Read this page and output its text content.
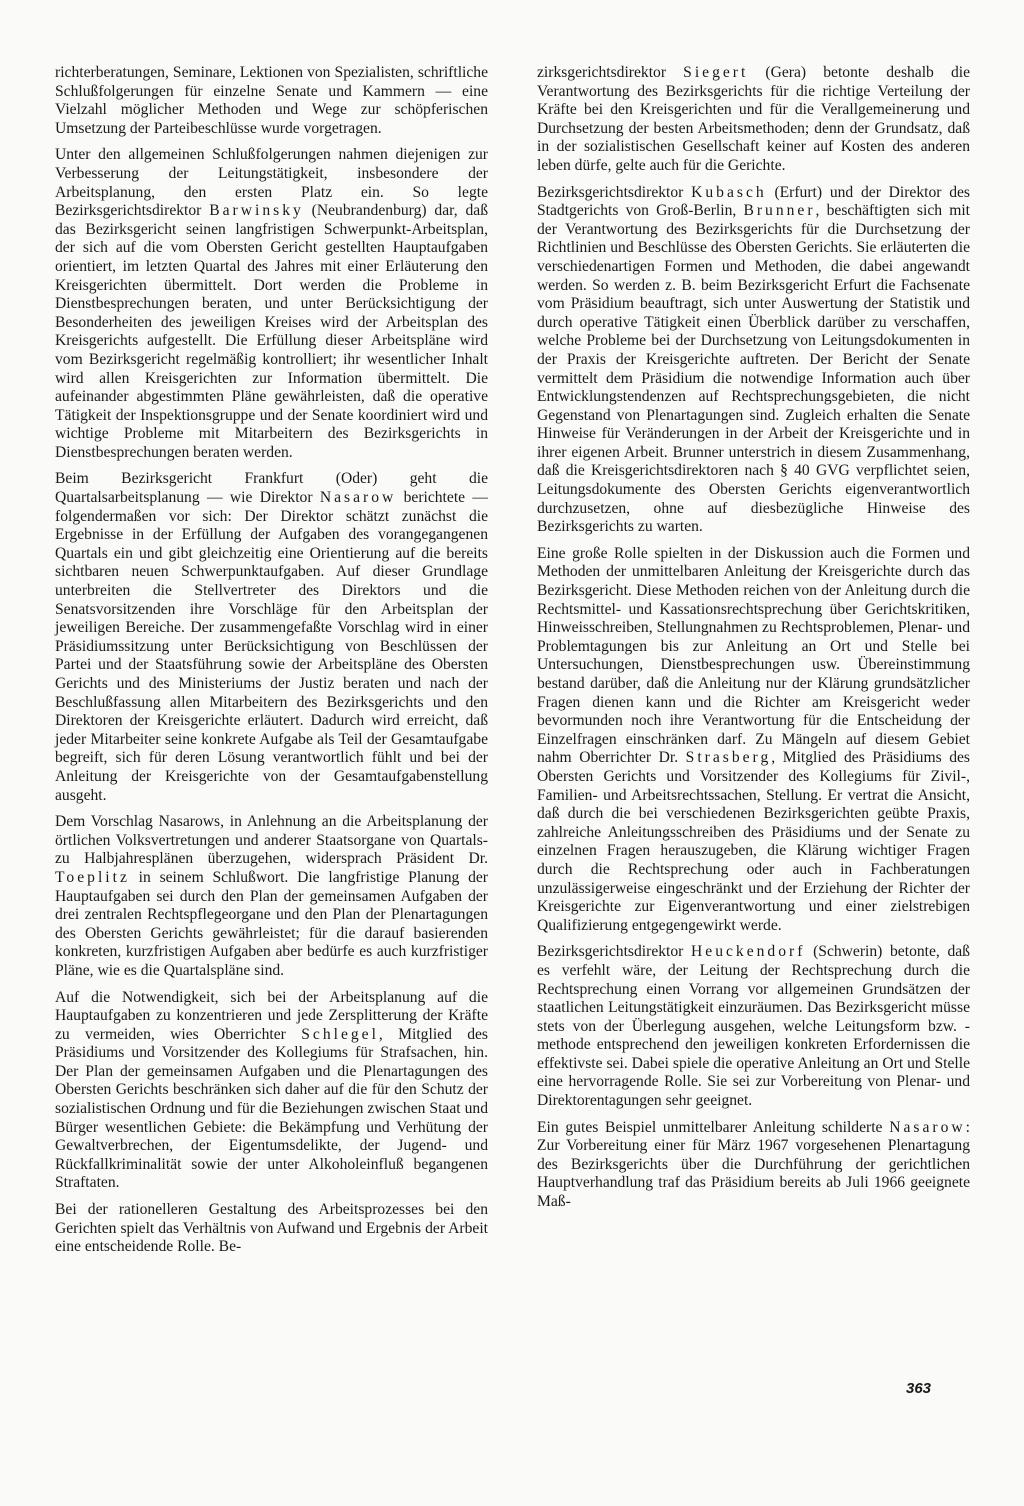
richterberatungen, Seminare, Lektionen von Spezialisten, schriftliche Schlußfolgerungen für einzelne Senate und Kammern — eine Vielzahl möglicher Methoden und Wege zur schöpferischen Umsetzung der Parteibeschlüsse wurde vorgetragen.

Unter den allgemeinen Schlußfolgerungen nahmen diejenigen zur Verbesserung der Leitungstätigkeit, insbesondere der Arbeitsplanung, den ersten Platz ein. So legte Bezirksgerichtsdirektor Barwinsky (Neubrandenburg) dar, daß das Bezirksgericht seinen langfristigen Schwerpunkt-Arbeitsplan, der sich auf die vom Obersten Gericht gestellten Hauptaufgaben orientiert, im letzten Quartal des Jahres mit einer Erläuterung den Kreisgerichten übermittelt. Dort werden die Probleme in Dienstbesprechungen beraten, und unter Berücksichtigung der Besonderheiten des jeweiligen Kreises wird der Arbeitsplan des Kreisgerichts aufgestellt. Die Erfüllung dieser Arbeitspläne wird vom Bezirksgericht regelmäßig kontrolliert; ihr wesentlicher Inhalt wird allen Kreisgerichten zur Information übermittelt. Die aufeinander abgestimmten Pläne gewährleisten, daß die operative Tätigkeit der Inspektionsgruppe und der Senate koordiniert wird und wichtige Probleme mit Mitarbeitern des Bezirksgerichts in Dienstbesprechungen beraten werden.

Beim Bezirksgericht Frankfurt (Oder) geht die Quartalsarbeitsplanung — wie Direktor Nasarow berichtete — folgendermaßen vor sich: Der Direktor schätzt zunächst die Ergebnisse in der Erfüllung der Aufgaben des vorangegangenen Quartals ein und gibt gleichzeitig eine Orientierung auf die bereits sichtbaren neuen Schwerpunktaufgaben. Auf dieser Grundlage unterbreiten die Stellvertreter des Direktors und die Senatsvorsitzenden ihre Vorschläge für den Arbeitsplan der jeweiligen Bereiche. Der zusammengefaßte Vorschlag wird in einer Präsidiumssitzung unter Berücksichtigung von Beschlüssen der Partei und der Staatsführung sowie der Arbeitspläne des Obersten Gerichts und des Ministeriums der Justiz beraten und nach der Beschlußfassung allen Mitarbeitern des Bezirksgerichts und den Direktoren der Kreisgerichte erläutert. Dadurch wird erreicht, daß jeder Mitarbeiter seine konkrete Aufgabe als Teil der Gesamtaufgabe begreift, sich für deren Lösung verantwortlich fühlt und bei der Anleitung der Kreisgerichte von der Gesamtaufgabenstellung ausgeht.

Dem Vorschlag Nasarows, in Anlehnung an die Arbeitsplanung der örtlichen Volksvertretungen und anderer Staatsorgane von Quartals- zu Halbjahresplänen überzugehen, widersprach Präsident Dr. Toeplitz in seinem Schlußwort. Die langfristige Planung der Hauptaufgaben sei durch den Plan der gemeinsamen Aufgaben der drei zentralen Rechtspflegeorgane und den Plan der Plenartagungen des Obersten Gerichts gewährleistet; für die darauf basierenden konkreten, kurzfristigen Aufgaben aber bedürfe es auch kurzfristiger Pläne, wie es die Quartalspläne sind.

Auf die Notwendigkeit, sich bei der Arbeitsplanung auf die Hauptaufgaben zu konzentrieren und jede Zersplitterung der Kräfte zu vermeiden, wies Oberrichter Schlegel, Mitglied des Präsidiums und Vorsitzender des Kollegiums für Strafsachen, hin. Der Plan der gemeinsamen Aufgaben und die Plenartagungen des Obersten Gerichts beschränken sich daher auf die für den Schutz der sozialistischen Ordnung und für die Beziehungen zwischen Staat und Bürger wesentlichen Gebiete: die Bekämpfung und Verhütung der Gewaltverbrechen, der Eigentumsdelikte, der Jugend- und Rückfallkriminalität sowie der unter Alkoholeinfluß begangenen Straftaten.

Bei der rationelleren Gestaltung des Arbeitsprozesses bei den Gerichten spielt das Verhältnis von Aufwand und Ergebnis der Arbeit eine entscheidende Rolle. Be-

zirksgerichtsdirektor Siegert (Gera) betonte deshalb die Verantwortung des Bezirksgerichts für die richtige Verteilung der Kräfte bei den Kreisgerichten und für die Verallgemeinerung und Durchsetzung der besten Arbeitsmethoden; denn der Grundsatz, daß in der sozialistischen Gesellschaft keiner auf Kosten des anderen leben dürfe, gelte auch für die Gerichte.

Bezirksgerichtsdirektor Kubasch (Erfurt) und der Direktor des Stadtgerichts von Groß-Berlin, Brunner, beschäftigten sich mit der Verantwortung des Bezirksgerichts für die Durchsetzung der Richtlinien und Beschlüsse des Obersten Gerichts. Sie erläuterten die verschiedenartigen Formen und Methoden, die dabei angewandt werden. So werden z. B. beim Bezirksgericht Erfurt die Fachsenate vom Präsidium beauftragt, sich unter Auswertung der Statistik und durch operative Tätigkeit einen Überblick darüber zu verschaffen, welche Probleme bei der Durchsetzung von Leitungsdokumenten in der Praxis der Kreisgerichte auftreten. Der Bericht der Senate vermittelt dem Präsidium die notwendige Information auch über Entwicklungstendenzen auf Rechtsprechungsgebieten, die nicht Gegenstand von Plenartagungen sind. Zugleich erhalten die Senate Hinweise für Veränderungen in der Arbeit der Kreisgerichte und in ihrer eigenen Arbeit. Brunner unterstrich in diesem Zusammenhang, daß die Kreisgerichtsdirektoren nach § 40 GVG verpflichtet seien, Leitungsdokumente des Obersten Gerichts eigenverantwortlich durchzusetzen, ohne auf diesbezügliche Hinweise des Bezirksgerichts zu warten.

Eine große Rolle spielten in der Diskussion auch die Formen und Methoden der unmittelbaren Anleitung der Kreisgerichte durch das Bezirksgericht. Diese Methoden reichen von der Anleitung durch die Rechtsmittel- und Kassationsrechtsprechung über Gerichtskritiken, Hinweisschreiben, Stellungnahmen zu Rechtsproblemen, Plenar- und Problemtagungen bis zur Anleitung an Ort und Stelle bei Untersuchungen, Dienstbesprechungen usw. Übereinstimmung bestand darüber, daß die Anleitung nur der Klärung grundsätzlicher Fragen dienen kann und die Richter am Kreisgericht weder bevormunden noch ihre Verantwortung für die Entscheidung der Einzelfragen einschränken darf. Zu Mängeln auf diesem Gebiet nahm Oberrichter Dr. Strasberg, Mitglied des Präsidiums des Obersten Gerichts und Vorsitzender des Kollegiums für Zivil-, Familien- und Arbeitsrechtssachen, Stellung. Er vertrat die Ansicht, daß durch die bei verschiedenen Bezirksgerichten geübte Praxis, zahlreiche Anleitungsschreiben des Präsidiums und der Senate zu einzelnen Fragen herauszugeben, die Klärung wichtiger Fragen durch die Rechtsprechung oder auch in Fachberatungen unzulässigerweise eingeschränkt und der Erziehung der Richter der Kreisgerichte zur Eigenverantwortung und einer zielstrebigen Qualifizierung entgegengewirkt werde.

Bezirksgerichtsdirektor Heuckendorf (Schwerin) betonte, daß es verfehlt wäre, der Leitung der Rechtsprechung durch die Rechtsprechung einen Vorrang vor allgemeinen Grundsätzen der staatlichen Leitungstätigkeit einzuräumen. Das Bezirksgericht müsse stets von der Überlegung ausgehen, welche Leitungsform bzw. -methode entsprechend den jeweiligen konkreten Erfordernissen die effektivste sei. Dabei spiele die operative Anleitung an Ort und Stelle eine hervorragende Rolle. Sie sei zur Vorbereitung von Plenar- und Direktorentagungen sehr geeignet.

Ein gutes Beispiel unmittelbarer Anleitung schilderte Nasarow: Zur Vorbereitung einer für März 1967 vorgesehenen Plenartagung des Bezirksgerichts über die Durchführung der gerichtlichen Hauptverhandlung traf das Präsidium bereits ab Juli 1966 geeignete Maß-

363
